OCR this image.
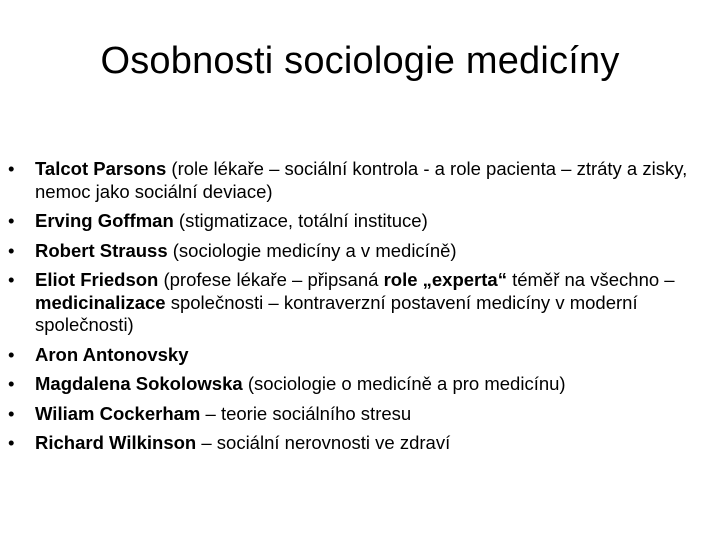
Osobnosti sociologie medicíny
•	Talcot Parsons (role lékaře – sociální kontrola - a role pacienta – ztráty a zisky, nemoc jako sociální deviace)
•	Erving Goffman (stigmatizace, totální instituce)
•	Robert Strauss (sociologie medicíny a v medicíně)
•	Eliot Friedson (profese lékaře – připsaná role „experta“ téměř na všechno – medicinalizace společnosti – kontraverzní postavení medicíny v moderní společnosti)
•	Aron Antonovsky
•	Magdalena Sokolowska (sociologie o medicíně a pro medicínu)
•	Wiliam Cockerham – teorie sociálního stresu
•	Richard Wilkinson – sociální nerovnosti ve zdraví
